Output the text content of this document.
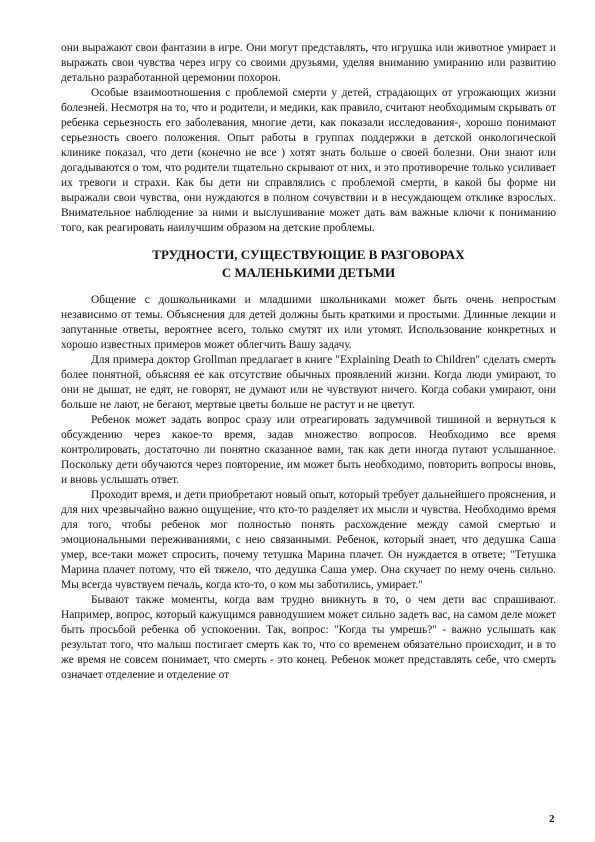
они выражают свои фантазии в игре. Они могут представлять, что игрушка или животное умирает и выражать свои чувства через игру со своими друзьями, уделяя вниманию умиранию или развитию детально разработанной церемонии похорон.

Особые взаимоотношения с проблемой смерти у детей, страдающих от угрожающих жизни болезней. Несмотря на то, что и родители, и медики, как правило, считают необходимым скрывать от ребенка серьезность его заболевания, многие дети, как показали исследования-, хорошо понимают серьезность своего положения. Опыт работы в группах поддержки в детской онкологической клинике показал, что дети (конечно не все ) хотят знать больше о своей болезни. Они знают или догадываются о том, что родители тщательно скрывают от них, и это противоречие только усиливает их тревоги и страхи. Как бы дети ни справлялись с проблемой смерти, в какой бы форме ни выражали свои чувства, они нуждаются в полном сочувствии и в несуждающем отклике взрослых. Внимательное наблюдение за ними и выслушивание может дать вам важные ключи к пониманию того, как реагировать наилучшим образом на детские проблемы.

ТРУДНОСТИ, СУЩЕСТВУЮЩИЕ В РАЗГОВОРАХ
С МАЛЕНЬКИМИ ДЕТЬМИ

Общение с дошкольниками и младшими школьниками может быть очень непростым независимо от темы. Объяснения для детей должны быть краткими и простыми. Длинные лекции и запутанные ответы, вероятнее всего, только смутят их или утомят. Использование конкретных и хорошо известных примеров может облегчить Вашу задачу.

Для примера доктор Grollman предлагает в книге "Explaining Death to Children" сделать смерть более понятной, объясняя ее как отсутствие обычных проявлений жизни. Когда люди умирают, то они не дышат, не едят, не говорят, не думают или не чувствуют ничего. Когда собаки умирают, они больше не лают, не бегают, мертвые цветы больше не растут и не цветут.

Ребенок может задать вопрос сразу или отреагировать задумчивой тишиной и вернуться к обсуждению через какое-то время, задав множество вопросов. Необходимо все время контролировать, достаточно ли понятно сказанное вами, так как дети иногда путают услышанное. Поскольку дети обучаются через повторение, им может быть необходимо, повторить вопросы вновь, и вновь услышать ответ.

Проходит время, и дети приобретают новый опыт, который требует дальнейшего прояснения, и для них чрезвычайно важно ощущение, что кто-то разделяет их мысли и чувства. Необходимо время для того, чтобы ребенок мог полностью понять расхождение между самой смертью и эмоциональными переживаниями, с нею связанными. Ребенок, который знает, что дедушка Саша умер, все-таки может спросить, почему тетушка Марина плачет. Он нуждается в ответе; "Тетушка Марина плачет потому, что ей тяжело, что дедушка Саша умер. Она скучает по нему очень сильно. Мы всегда чувствуем печаль, когда кто-то, о ком мы заботились, умирает."

Бывают также моменты, когда вам трудно вникнуть в то, о чем дети вас спрашивают. Например, вопрос, который кажущимся равнодушием может сильно задеть вас, на самом деле может быть просьбой ребенка об успокоении. Так, вопрос: "Когда ты умрешь?" - важно услышать как результат того, что малыш постигает смерть как то, что со временем обязательно происходит, и в то же время не совсем понимает, что смерть - это конец. Ребенок может представлять себе, что смерть означает отделение и отделение от

2
